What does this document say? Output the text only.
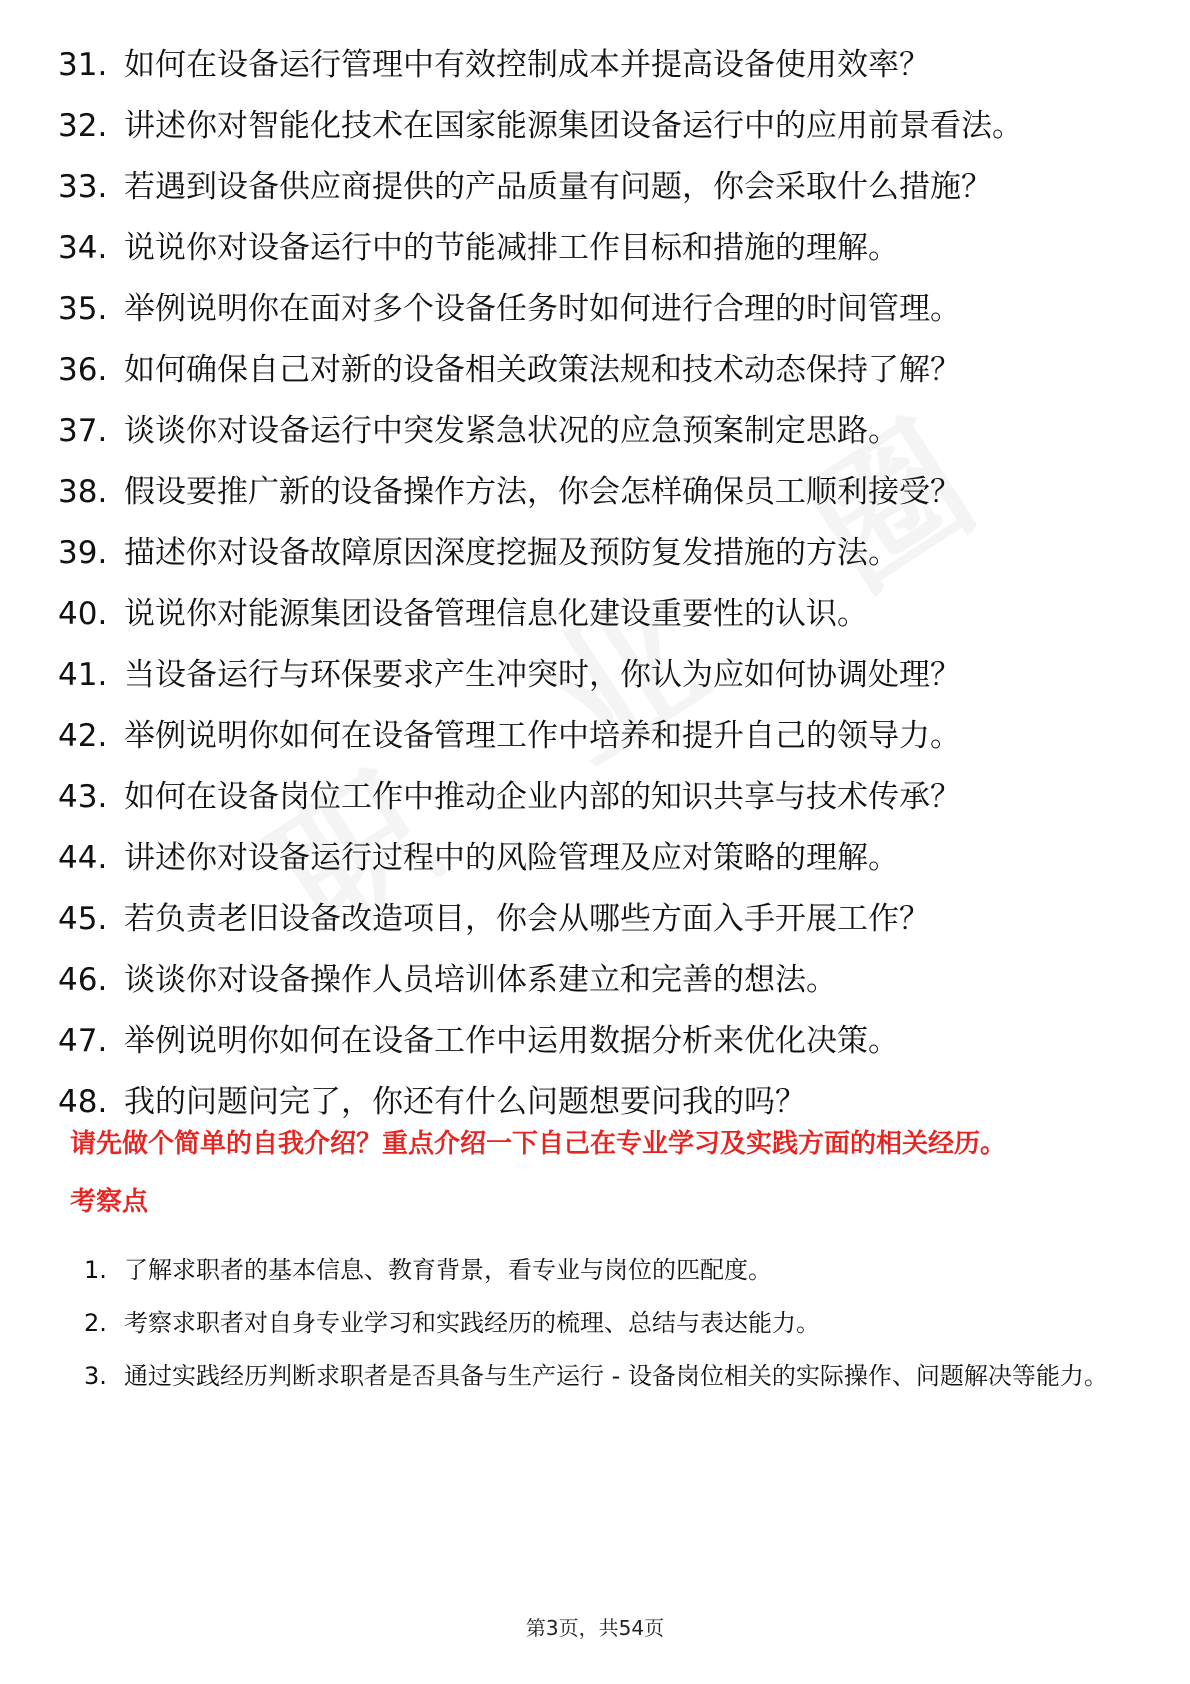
31. 如何在设备运行管理中有效控制成本并提高设备使用效率？
32. 讲述你对智能化技术在国家能源集团设备运行中的应用前景看法。
33. 若遇到设备供应商提供的产品质量有问题，你会采取什么措施？
34. 说说你对设备运行中的节能减排工作目标和措施的理解。
35. 举例说明你在面对多个设备任务时如何进行合理的时间管理。
36. 如何确保自己对新的设备相关政策法规和技术动态保持了解？
37. 谈谈你对设备运行中突发紧急状况的应急预案制定思路。
38. 假设要推广新的设备操作方法，你会怎样确保员工顺利接受？
39. 描述你对设备故障原因深度挖掘及预防复发措施的方法。
40. 说说你对能源集团设备管理信息化建设重要性的认识。
41. 当设备运行与环保要求产生冲突时，你认为应如何协调处理？
42. 举例说明你如何在设备管理工作中培养和提升自己的领导力。
43. 如何在设备岗位工作中推动企业内部的知识共享与技术传承？
44. 讲述你对设备运行过程中的风险管理及应对策略的理解。
45. 若负责老旧设备改造项目，你会从哪些方面入手开展工作？
46. 谈谈你对设备操作人员培训体系建立和完善的想法。
47. 举例说明你如何在设备工作中运用数据分析来优化决策。
48. 我的问题问完了，你还有什么问题想要问我的吗？
请先做个简单的自我介绍？重点介绍一下自己在专业学习及实践方面的相关经历。
考察点
1. 了解求职者的基本信息、教育背景，看专业与岗位的匹配度。
2. 考察求职者对自身专业学习和实践经历的梳理、总结与表达能力。
3. 通过实践经历判断求职者是否具备与生产运行 - 设备岗位相关的实际操作、问题解决等能力。
第3页，共54页
